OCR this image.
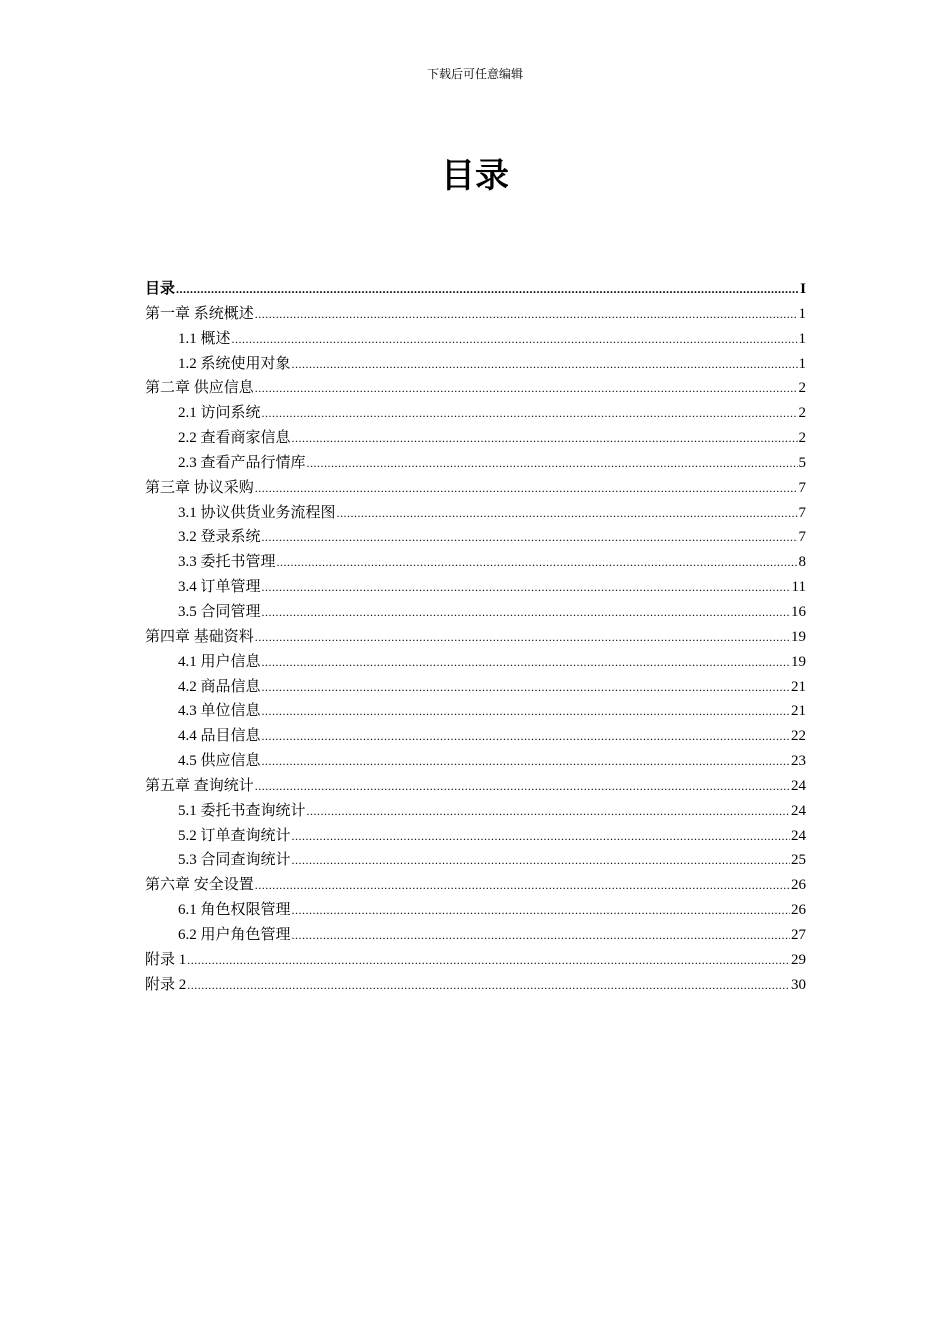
下载后可任意编辑
目录
目录 .....	I
第一章 系统概述 .....	1
1.1 概述 .....	1
1.2 系统使用对象 .....	1
第二章 供应信息 .....	2
2.1 访问系统 .....	2
2.2 查看商家信息 .....	2
2.3 查看产品行情库 .....	5
第三章 协议采购 .....	7
3.1 协议供货业务流程图 .....	7
3.2 登录系统 .....	7
3.3 委托书管理 .....	8
3.4 订单管理 .....	11
3.5 合同管理 .....	16
第四章 基础资料 .....	19
4.1 用户信息 .....	19
4.2 商品信息 .....	21
4.3 单位信息 .....	21
4.4 品目信息 .....	22
4.5 供应信息 .....	23
第五章 查询统计 .....	24
5.1 委托书查询统计 .....	24
5.2 订单查询统计 .....	24
5.3 合同查询统计 .....	25
第六章 安全设置 .....	26
6.1 角色权限管理 .....	26
6.2 用户角色管理 .....	27
附录 1 .....	29
附录 2 .....	30
